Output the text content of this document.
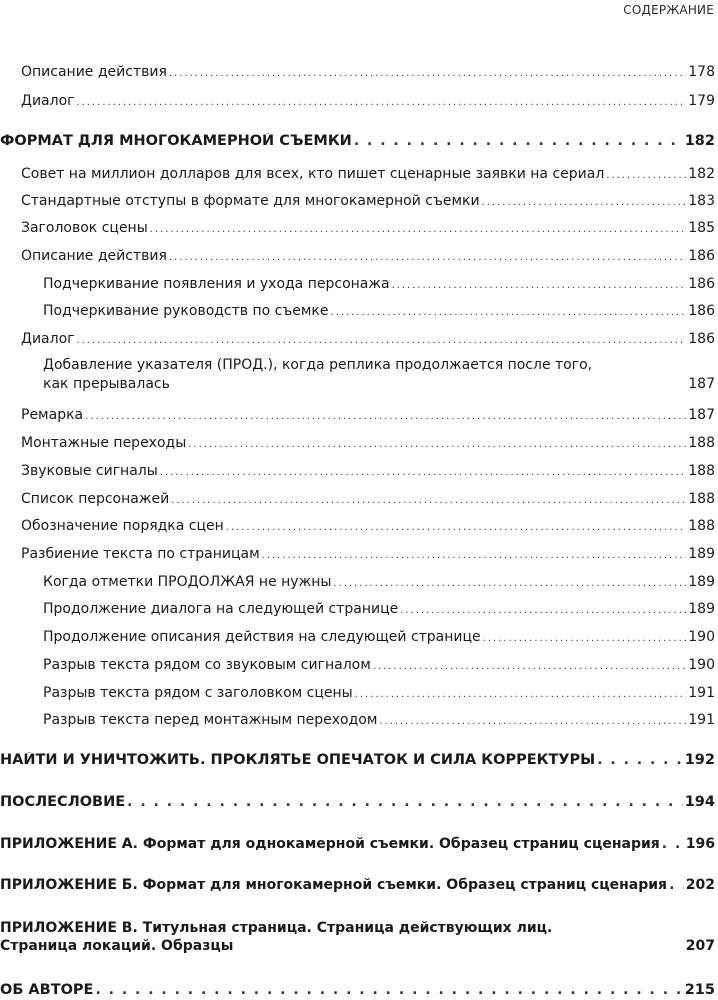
СОДЕРЖАНИЕ
Описание действия . . .	178
Диалог . . .	179
ФОРМАТ ДЛЯ МНОГОКАМЕРНОЙ СЪЕМКИ . . .	182
Совет на миллион долларов для всех, кто пишет сценарные заявки на сериал . . .	182
Стандартные отступы в формате для многокамерной съемки . . .	183
Заголовок сцены . . .	185
Описание действия . . .	186
Подчеркивание появления и ухода персонажа . . .	186
Подчеркивание руководств по съемке . . .	186
Диалог . . .	186
Добавление указателя (ПРОД.), когда реплика продолжается после того,
как прерывалась	187
Ремарка . . .	187
Монтажные переходы . . .	188
Звуковые сигналы . . .	188
Список персонажей . . .	188
Обозначение порядка сцен . . .	188
Разбиение текста по страницам . . .	189
Когда отметки ПРОДОЛЖАЯ не нужны . . .	189
Продолжение диалога на следующей странице . . .	189
Продолжение описания действия на следующей странице . . .	190
Разрыв текста рядом со звуковым сигналом . . .	190
Разрыв текста рядом с заголовком сцены . . .	191
Разрыв текста перед монтажным переходом . . .	191
НАЙТИ И УНИЧТОЖИТЬ. ПРОКЛЯТЬЕ ОПЕЧАТОК И СИЛА КОРРЕКТУРЫ . . .	192
ПОСЛЕСЛОВИЕ . . .	194
ПРИЛОЖЕНИЕ А. Формат для однокамерной съемки. Образец страниц сценария . . . 196
ПРИЛОЖЕНИЕ Б. Формат для многокамерной съемки. Образец страниц сценария . . . 202
ПРИЛОЖЕНИЕ В. Титульная страница. Страница действующих лиц.
Страница локаций. Образцы	207
ОБ АВТОРЕ . . .	215
